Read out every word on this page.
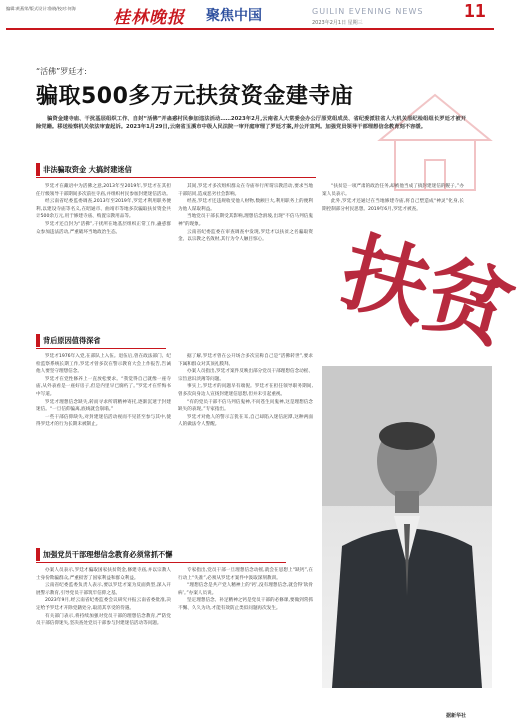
编辑:黄燕荣/版式设计:鲁晓/校对:何海	桂林晚报 聚焦中国	GUILIN EVENING NEWS
2023年2月1日 星期三
11
“活佛”罗廷才:
骗取500多万元扶贫资金建寺庙

骗资金建寺庙、干扰基层组织工作、自封“活佛”并蛊惑村民参加违法活动……2023年2月,云南省人大常委会办公厅原党组成员、省纪委派驻省人大机关原纪检组组长罗廷才被开除党籍。移送检察机关依法审查起诉。2023年1月29日,云南省玉溪市中级人民法院一审开庭审理了罗廷才案,并公开宣判。加强党员领导干部理想信念教育刻不容缓。

非法骗取资金 大搞封建迷信

罗廷才在藏语中为活佛之意,2013年至2019年,罗廷才在其担任厅级领导干部期间多次前往寺庙,并组织村民参加封建迷信活动。

经云南省纪委监委调查,2013年至2019年,罗廷才利用职务便利,以建设寺庙等名义,在昭通市、曲靖市等地多次骗取扶贫资金共计500余万元,用于修建寺庙、购置宗教用品等。

罗廷才还自封为“活佛”,干扰所在地基层组织正常工作,蛊惑群众参加违法活动,严重破坏当地政治生态。

其间,罗廷才多次组织群众在寺庙举行所谓宗教活动,要求当地干部陪同,造成恶劣社会影响。

经查,罗廷才还违规收受他人财物,数额巨大,利用职务上的便利为他人谋取利益。

当地党员干部长期受其影响,理想信念滑坡,出现“不信马列信鬼神”的现象。

云南省纪委监委在审查调查中发现,罗廷才以扶贫之名骗取资金、以宗教之名敛财,其行为令人触目惊心。

“扶贫是一项严肃的政治任务,却被他当成了搞封建迷信的幌子。”办案人员表示。

此外,罗廷才还通过在当地修建寺庙,将自己塑造成“神灵”化身,长期控制部分村民思想。2019年6月,罗廷才被查。

扶贫
背后原因值得深省

罗廷才1976年入党,在部队上入伍。退伍后,曾在政法部门、纪检监察系统长期工作,罗廷才曾多次在警示教育大会上作报告,告诫他人要坚守理想信念。

罗廷才在党性修养上一直放松要求。“我觉得自己就像一座寺庙,从外表看是一座好房子,但是内里早已腐朽了。”罗廷才在忏悔书中写道。

罗廷才理想信念缺失,转而寻求所谓精神寄托,逐渐沉迷于封建迷信。“一旦信仰偏离,底线就会崩塌。”

一些干部信仰缺失,对封建迷信活动视而不见甚至参与其中,使得罗廷才的行为长期未被制止。

据了解,罗廷才曾在公开场合多次宣称自己是“活佛转世”,要求下属和群众对其顶礼膜拜。

办案人员指出,罗廷才案件反映出部分党员干部理想信念动摇、宗旨意识淡薄等问题。

事实上,罗廷才的问题早有端倪。罗廷才在担任领导职务期间,曾多次向身边人宣扬封建迷信思想,但并未引起重视。

“有的党员干部不信马列信鬼神,不问苍生问鬼神,这是理想信念缺失的表现。”专家指出。

罗廷才对他人的警示言犹在耳,自己却陷入迷信泥潭,这种两面人的做法令人警醒。

罗廷才(资料图片)
加强党员干部理想信念教育必须常抓不懈

办案人员表示,罗廷才骗取国家扶贫资金,修建寺庙,并以宗教人士身份欺骗群众,严重损害了国家利益和群众利益。

云南省纪委监委负责人表示,要以罗廷才案为反面典型,深入开展警示教育,引导党员干部筑牢信仰之基。

2023年9月,经云南省纪委监委会议研究并报云南省委批准,决定给予罗廷才开除党籍处分,取消其享受的待遇。

有关部门表示,将持续加强对党员干部的理想信念教育,严防党员干部信仰迷失,坚决查处党员干部参与封建迷信活动等问题。

专家指出,党员干部一旦理想信念动摇,就会在思想上“缺钙”,在行动上“失准”,必须从罗廷才案件中汲取深刻教训。

“理想信念是共产党人精神上的‘钙’,没有理想信念,就会得‘软骨病’。”办案人员说。

坚定理想信念、补足精神之钙是党员干部的必修课,要做到常抓不懈、久久为功,才能有效防止类似问题再次发生。

据新华社
